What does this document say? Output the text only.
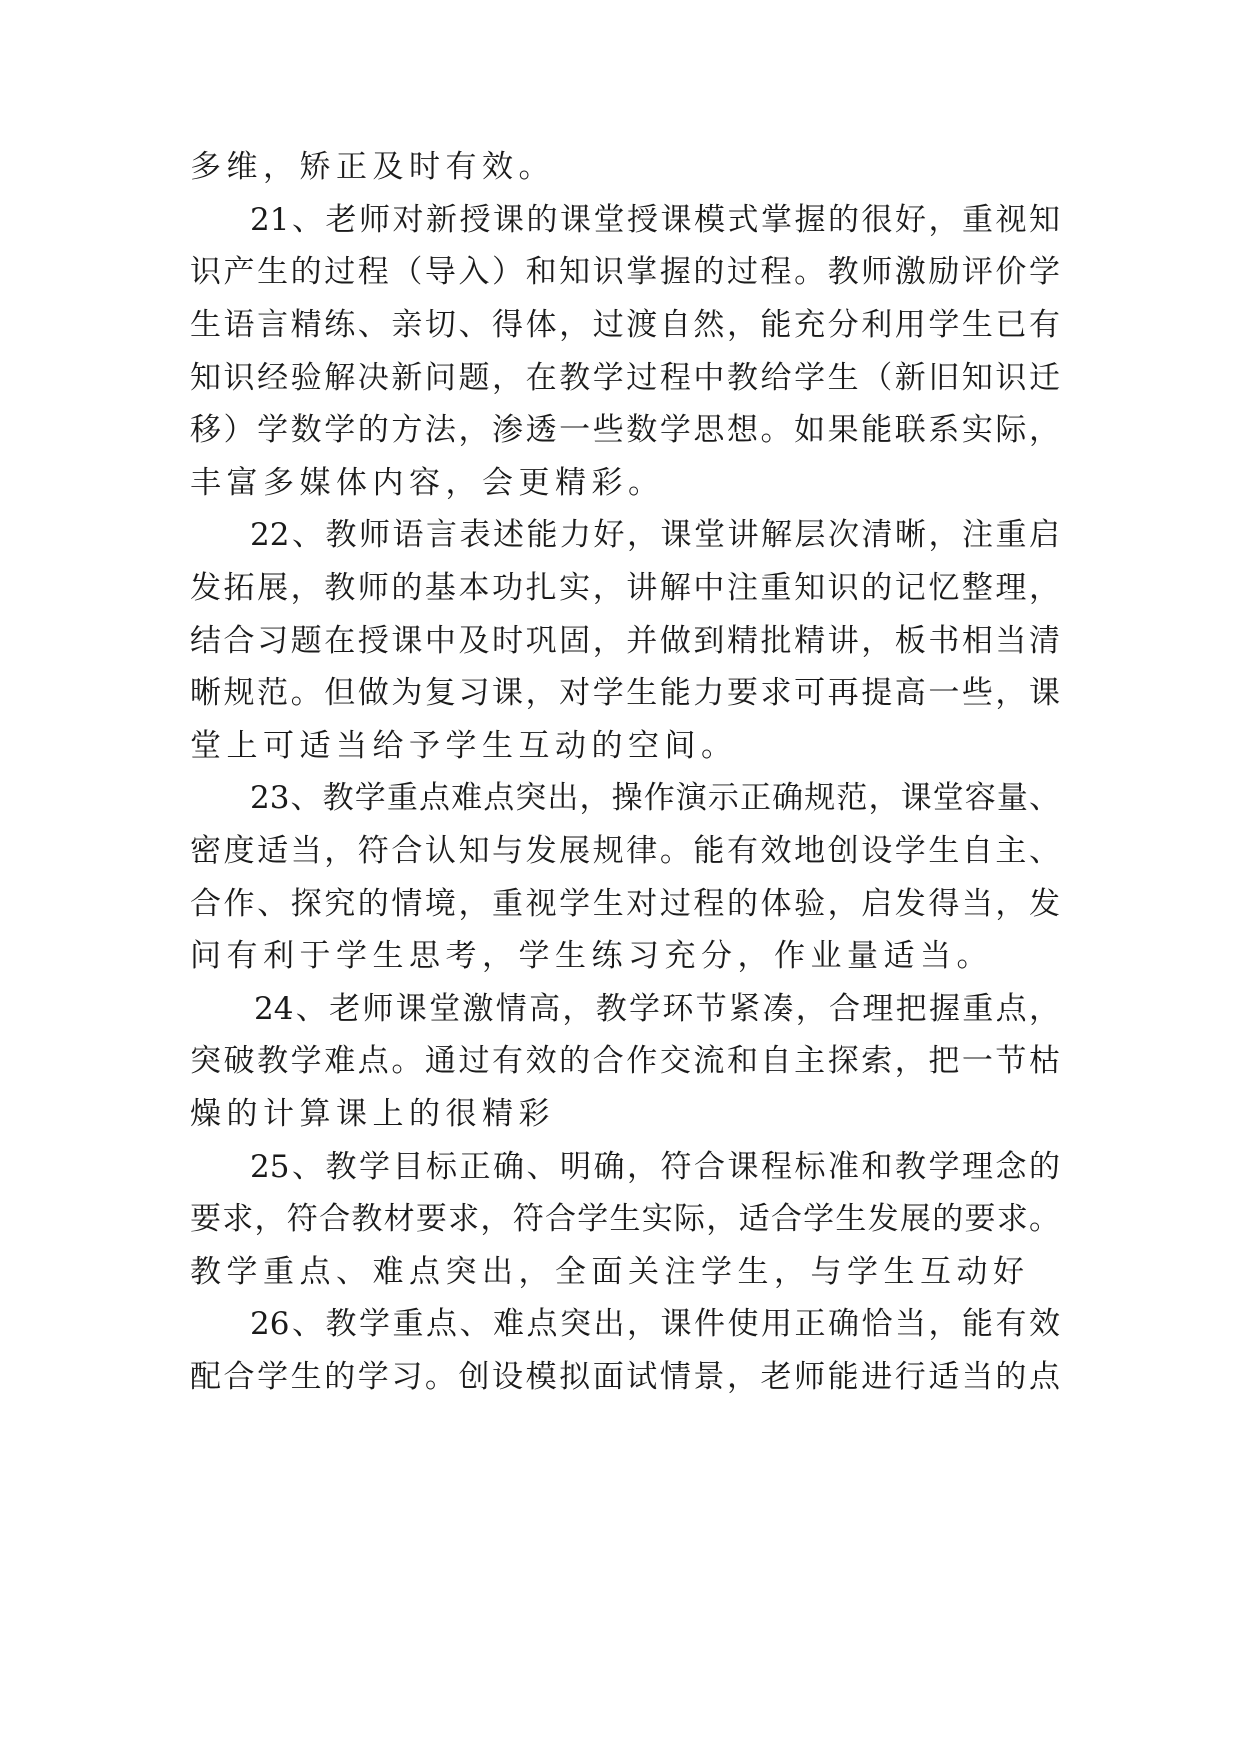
多维，矫正及时有效。
21、老师对新授课的课堂授课模式掌握的很好，重视知
识产生的过程（导入）和知识掌握的过程。教师激励评价学
生语言精练、亲切、得体，过渡自然，能充分利用学生已有
知识经验解决新问题，在教学过程中教给学生（新旧知识迁
移）学数学的方法，渗透一些数学思想。如果能联系实际，
丰富多媒体内容，会更精彩。
22、教师语言表述能力好，课堂讲解层次清晰，注重启
发拓展，教师的基本功扎实，讲解中注重知识的记忆整理，
结合习题在授课中及时巩固，并做到精批精讲，板书相当清
晰规范。但做为复习课，对学生能力要求可再提高一些，课
堂上可适当给予学生互动的空间。
23、教学重点难点突出，操作演示正确规范，课堂容量、
密度适当，符合认知与发展规律。能有效地创设学生自主、
合作、探究的情境，重视学生对过程的体验，启发得当，发
问有利于学生思考，学生练习充分，作业量适当。
24、老师课堂激情高，教学环节紧凑，合理把握重点，
突破教学难点。通过有效的合作交流和自主探索，把一节枯
燥的计算课上的很精彩
25、教学目标正确、明确，符合课程标准和教学理念的
要求，符合教材要求，符合学生实际，适合学生发展的要求。
教学重点、难点突出，全面关注学生，与学生互动好
26、教学重点、难点突出，课件使用正确恰当，能有效
配合学生的学习。创设模拟面试情景，老师能进行适当的点
